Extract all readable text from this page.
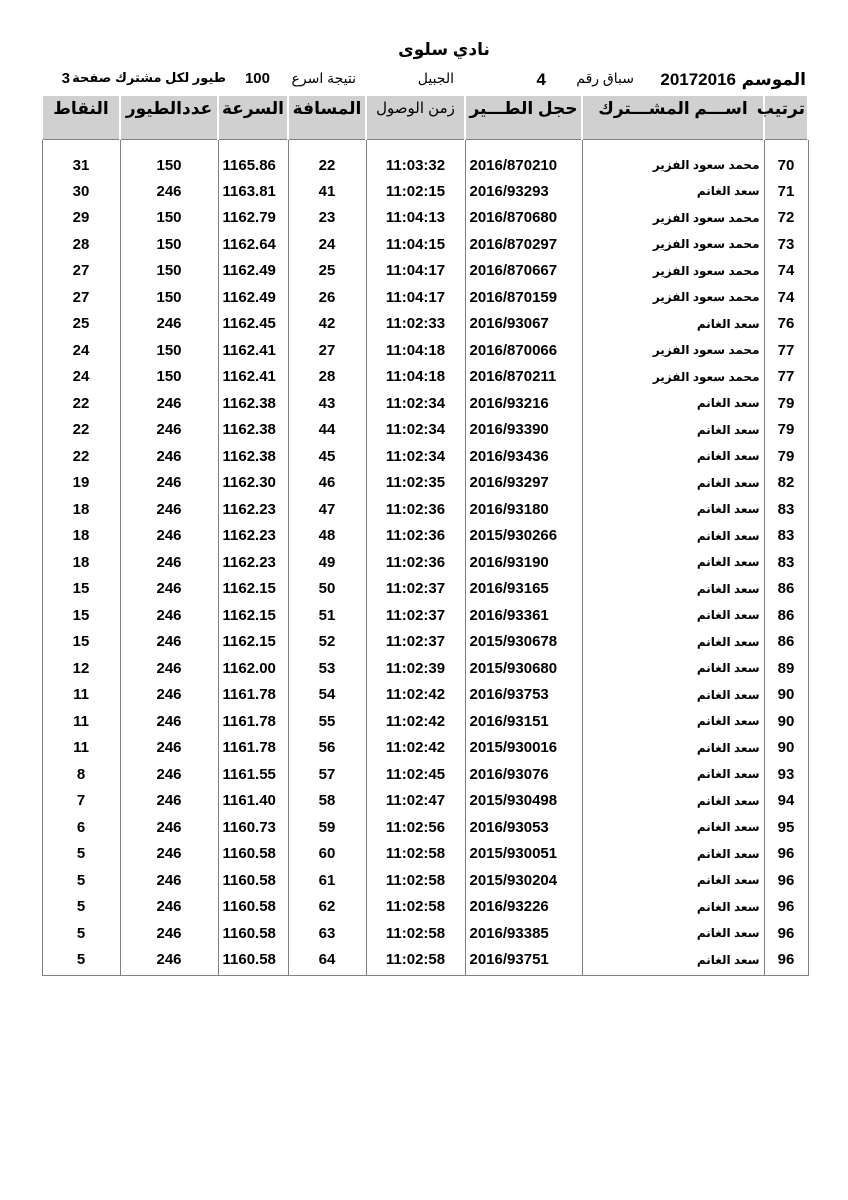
نادي سلوى
الموسم
20172016
سباق رقم
4
الجبيل
نتيجة اسرع
100
طيور لكل مشترك صفحة
3
ترتيب	اســـم المشـــترك	حجل الطـــير	زمن الوصول	المسافة	السرعة	عددالطيور	النقاط
70	محمد سعود الفزير	2016/870210	11:03:32	22	1165.86	150	31
71	سعد الغانم	2016/93293	11:02:15	41	1163.81	246	30
72	محمد سعود الفزير	2016/870680	11:04:13	23	1162.79	150	29
73	محمد سعود الفزير	2016/870297	11:04:15	24	1162.64	150	28
74	محمد سعود الفزير	2016/870667	11:04:17	25	1162.49	150	27
74	محمد سعود الفزير	2016/870159	11:04:17	26	1162.49	150	27
76	سعد الغانم	2016/93067	11:02:33	42	1162.45	246	25
77	محمد سعود الفزير	2016/870066	11:04:18	27	1162.41	150	24
77	محمد سعود الفزير	2016/870211	11:04:18	28	1162.41	150	24
79	سعد الغانم	2016/93216	11:02:34	43	1162.38	246	22
79	سعد الغانم	2016/93390	11:02:34	44	1162.38	246	22
79	سعد الغانم	2016/93436	11:02:34	45	1162.38	246	22
82	سعد الغانم	2016/93297	11:02:35	46	1162.30	246	19
83	سعد الغانم	2016/93180	11:02:36	47	1162.23	246	18
83	سعد الغانم	2015/930266	11:02:36	48	1162.23	246	18
83	سعد الغانم	2016/93190	11:02:36	49	1162.23	246	18
86	سعد الغانم	2016/93165	11:02:37	50	1162.15	246	15
86	سعد الغانم	2016/93361	11:02:37	51	1162.15	246	15
86	سعد الغانم	2015/930678	11:02:37	52	1162.15	246	15
89	سعد الغانم	2015/930680	11:02:39	53	1162.00	246	12
90	سعد الغانم	2016/93753	11:02:42	54	1161.78	246	11
90	سعد الغانم	2016/93151	11:02:42	55	1161.78	246	11
90	سعد الغانم	2015/930016	11:02:42	56	1161.78	246	11
93	سعد الغانم	2016/93076	11:02:45	57	1161.55	246	8
94	سعد الغانم	2015/930498	11:02:47	58	1161.40	246	7
95	سعد الغانم	2016/93053	11:02:56	59	1160.73	246	6
96	سعد الغانم	2015/930051	11:02:58	60	1160.58	246	5
96	سعد الغانم	2015/930204	11:02:58	61	1160.58	246	5
96	سعد الغانم	2016/93226	11:02:58	62	1160.58	246	5
96	سعد الغانم	2016/93385	11:02:58	63	1160.58	246	5
96	سعد الغانم	2016/93751	11:02:58	64	1160.58	246	5
